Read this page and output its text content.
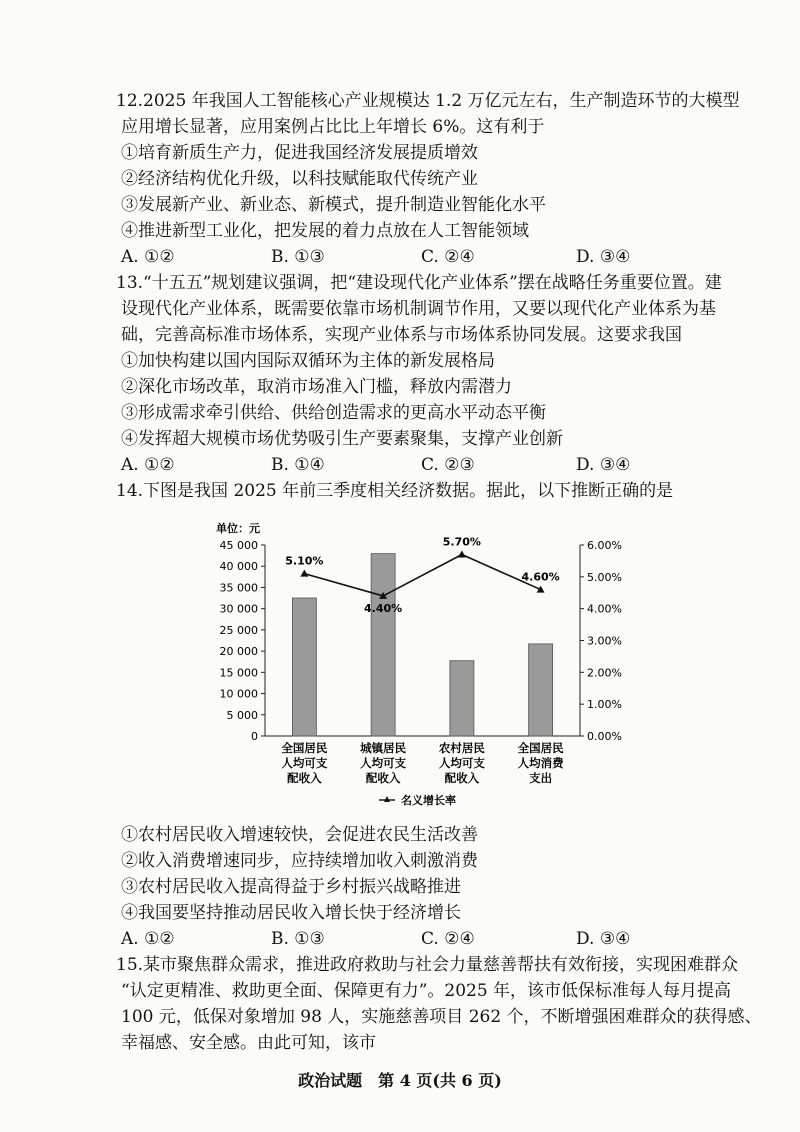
12.2025 年我国人工智能核心产业规模达 1.2 万亿元左右，生产制造环节的大模型
应用增长显著，应用案例占比比上年增长 6%。这有利于
①培育新质生产力，促进我国经济发展提质增效
②经济结构优化升级，以科技赋能取代传统产业
③发展新产业、新业态、新模式，提升制造业智能化水平
④推进新型工业化，把发展的着力点放在人工智能领域
A. ①②	B. ①③	C. ②④	D. ③④
13.“十五五”规划建议强调，把“建设现代化产业体系”摆在战略任务重要位置。建
设现代化产业体系，既需要依靠市场机制调节作用，又要以现代化产业体系为基
础，完善高标准市场体系，实现产业体系与市场体系协同发展。这要求我国
①加快构建以国内国际双循环为主体的新发展格局
②深化市场改革，取消市场准入门槛，释放内需潜力
③形成需求牵引供给、供给创造需求的更高水平动态平衡
④发挥超大规模市场优势吸引生产要素聚集，支撑产业创新
A. ①②	B. ①④	C. ②③	D. ③④
14.下图是我国 2025 年前三季度相关经济数据。据此，以下推断正确的是
单位：元
0
5 000
10 000
15 000
20 000
25 000
30 000
35 000
40 000
45 000
0.00%
1.00%
2.00%
3.00%
4.00%
5.00%
6.00%
全国居民
人均可支
配收入
城镇居民
人均可支
配收入
农村居民
人均可支
配收入
全国居民
人均消费
支出
5.10%
4.40%
5.70%
4.60%
名义增长率
①农村居民收入增速较快，会促进农民生活改善
②收入消费增速同步，应持续增加收入刺激消费
③农村居民收入提高得益于乡村振兴战略推进
④我国要坚持推动居民收入增长快于经济增长
A. ①②	B. ①③	C. ②④	D. ③④
15.某市聚焦群众需求，推进政府救助与社会力量慈善帮扶有效衔接，实现困难群众
“认定更精准、救助更全面、保障更有力”。2025 年，该市低保标准每人每月提高
100 元，低保对象增加 98 人，实施慈善项目 262 个，不断增强困难群众的获得感、
幸福感、安全感。由此可知，该市
政治试题　第 4 页(共 6 页)
